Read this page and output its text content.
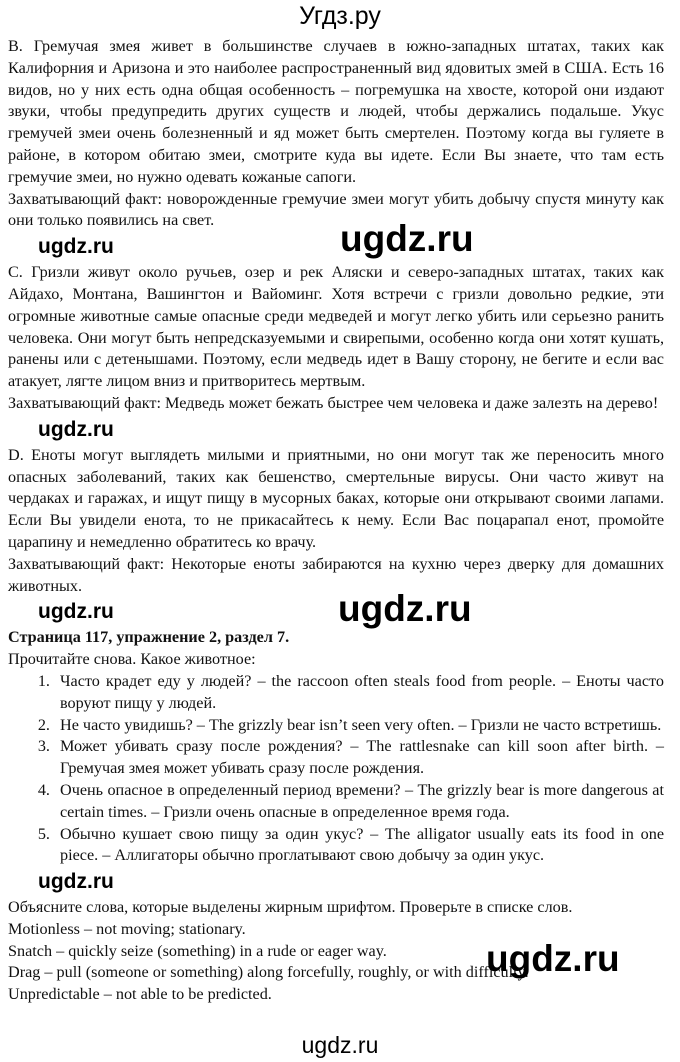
Угдз.ру

B. Гремучая змея живет в большинстве случаев в южно-западных штатах, таких как Калифорния и Аризона и это наиболее распространенный вид ядовитых змей в США. Есть 16 видов, но у них есть одна общая особенность – погремушка на хвосте, которой они издают звуки, чтобы предупредить других существ и людей, чтобы держались подальше. Укус гремучей змеи очень болезненный и яд может быть смертелен. Поэтому когда вы гуляете в районе, в котором обитаю змеи, смотрите куда вы идете. Если Вы знаете, что там есть гремучие змеи, но нужно одевать кожаные сапоги.

Захватывающий факт: новорожденные гремучие змеи могут убить добычу спустя минуту как они только появились на свет.

ugdz.ru

C. Гризли живут около ручьев, озер и рек Аляски и северо-западных штатах, таких как Айдахо, Монтана, Вашингтон и Вайоминг. Хотя встречи с гризли довольно редкие, эти огромные животные самые опасные среди медведей и могут легко убить или серьезно ранить человека. Они могут быть непредсказуемыми и свирепыми, особенно когда они хотят кушать, ранены или с детенышами. Поэтому, если медведь идет в Вашу сторону, не бегите и если вас атакует, лягте лицом вниз и притворитесь мертвым.

Захватывающий факт: Медведь может бежать быстрее чем человека и даже залезть на дерево!

ugdz.ru

D. Еноты могут выглядеть милыми и приятными, но они могут так же переносить много опасных заболеваний, таких как бешенство, смертельные вирусы. Они часто живут на чердаках и гаражах, и ищут пищу в мусорных баках, которые они открывают своими лапами. Если Вы увидели енота, то не прикасайтесь к нему. Если Вас поцарапал енот, промойте царапину и немедленно обратитесь ко врачу.

Захватывающий факт: Некоторые еноты забираются на кухню через дверку для домашних животных.

ugdz.ru

Страница 117, упражнение 2, раздел 7.

Прочитайте снова. Какое животное:

1. Часто крадет еду у людей? – the raccoon often steals food from people. – Еноты часто воруют пищу у людей.
2. Не часто увидишь? – The grizzly bear isn’t seen very often. – Гризли не часто встретишь.
3. Может убивать сразу после рождения? – The rattlesnake can kill soon after birth. – Гремучая змея может убивать сразу после рождения.
4. Очень опасное в определенный период времени? – The grizzly bear is more dangerous at certain times. – Гризли очень опасные в определенное время года.
5. Обычно кушает свою пищу за один укус? – The alligator usually eats its food in one piece. – Аллигаторы обычно проглатывают свою добычу за один укус.
ugdz.ru

Объясните слова, которые выделены жирным шрифтом. Проверьте в списке слов.

Motionless – not moving; stationary.

Snatch – quickly seize (something) in a rude or eager way.

Drag – pull (someone or something) along forcefully, roughly, or with difficulty.

Unpredictable – not able to be predicted.

ugdz.ru
ugdz.ru
ugdz.ru
ugdz.ru
